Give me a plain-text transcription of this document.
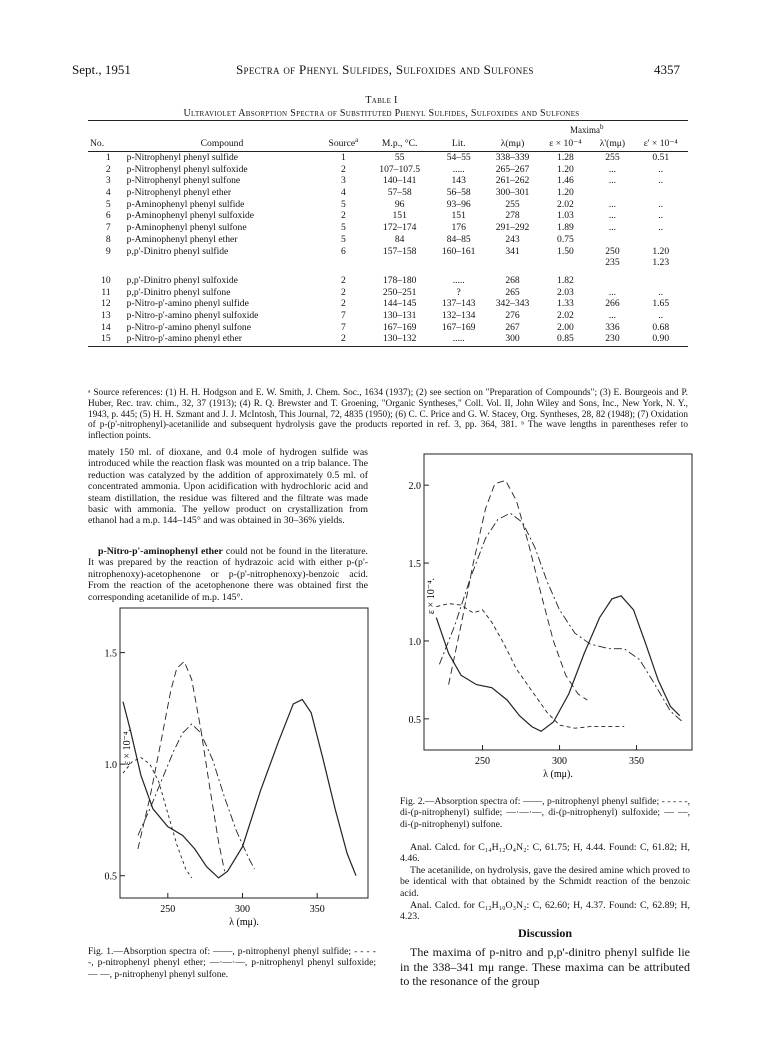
Sept., 1951	Spectra of Phenyl Sulfides, Sulfoxides and Sulfones	4357
Table I
Ultraviolet Absorption Spectra of Substituted Phenyl Sulfides, Sulfoxides and Sulfones
					Maxima$^b$
No.	Compound	Source$^a$	M.p., °C.	Lit.	λ(mμ)	ε × 10⁻⁴	λ'(mμ)	ε' × 10⁻⁴
1	p-Nitrophenyl phenyl sulfide	1	55	54–55	338–339	1.28	255	0.51
2	p-Nitrophenyl phenyl sulfoxide	2	107–107.5	.....	265–267	1.20	...	..
3	p-Nitrophenyl phenyl sulfone	3	140–141	143	261–262	1.46	...	..
4	p-Nitrophenyl phenyl ether	4	57–58	56–58	300–301	1.20		
5	p-Aminophenyl phenyl sulfide	5	96	93–96	255	2.02	...	..
6	p-Aminophenyl phenyl sulfoxide	2	151	151	278	1.03	...	..
7	p-Aminophenyl phenyl sulfone	5	172–174	176	291–292	1.89	...	..
8	p-Aminophenyl phenyl ether	5	84	84–85	243	0.75		
9	p,p'-Dinitro phenyl sulfide	6	157–158	160–161	341	1.50	250	1.20
							235	1.23
10	p,p'-Dinitro phenyl sulfoxide	2	178–180	.....	268	1.82		
11	p,p'-Dinitro phenyl sulfone	2	250–251	?	265	2.03	...	..
12	p-Nitro-p'-amino phenyl sulfide	2	144–145	137–143	342–343	1.33	266	1.65
13	p-Nitro-p'-amino phenyl sulfoxide	7	130–131	132–134	276	2.02	...	..
14	p-Nitro-p'-amino phenyl sulfone	7	167–169	167–169	267	2.00	336	0.68
15	p-Nitro-p'-amino phenyl ether	2	130–132	.....	300	0.85	230	0.90
ᵃ Source references: (1) H. H. Hodgson and E. W. Smith, J. Chem. Soc., 1634 (1937); (2) see section on "Preparation of Compounds"; (3) E. Bourgeois and P. Huber, Rec. trav. chim., 32, 37 (1913); (4) R. Q. Brewster and T. Groening, "Organic Syntheses," Coll. Vol. II, John Wiley and Sons, Inc., New York, N. Y., 1943, p. 445; (5) H. H. Szmant and J. J. McIntosh, This Journal, 72, 4835 (1950); (6) C. C. Price and G. W. Stacey, Org. Syntheses, 28, 82 (1948); (7) Oxidation of p-(p'-nitrophenyl)-acetanilide and subsequent hydrolysis gave the products reported in ref. 3, pp. 364, 381. ᵇ The wave lengths in parentheses refer to inflection points.
mately 150 ml. of dioxane, and 0.4 mole of hydrogen sulfide was introduced while the reaction flask was mounted on a trip balance. The reduction was catalyzed by the addition of approximately 0.5 ml. of concentrated ammonia. Upon acidification with hydrochloric acid and steam distillation, the residue was filtered and the filtrate was made basic with ammonia. The yellow product on crystallization from ethanol had a m.p. 144–145° and was obtained in 30–36% yields.
p-Nitro-p'-aminophenyl ether could not be found in the literature. It was prepared by the reaction of hydrazoic acid with either p-(p'-nitrophenoxy)-acetophenone or p-(p'-nitrophenoxy)-benzoic acid. From the reaction of the acetophenone there was obtained first the corresponding acetanilide of m.p. 145°.
250	300	350
0.5
1.0
1.5
λ (mμ).
ε × 10⁻⁴.
Fig. 1.—Absorption spectra of: ——, p-nitrophenyl phenyl sulfide; - - - - -, p-nitrophenyl phenyl ether; —·—·—, p-nitrophenyl phenyl sulfoxide; — —, p-nitrophenyl phenyl sulfone.
250	300	350
0.5
1.0
1.5
2.0
λ (mμ).
ε × 10⁻⁴.
Fig. 2.—Absorption spectra of: ——, p-nitrophenyl phenyl sulfide; - - - - -, di-(p-nitrophenyl) sulfide; —·—·—, di-(p-nitrophenyl) sulfoxide; — —, di-(p-nitrophenyl) sulfone.
Anal. Calcd. for C₁₄H₁₂O₄N₂: C, 61.75; H, 4.44. Found: C, 61.82; H, 4.46.
The acetanilide, on hydrolysis, gave the desired amine which proved to be identical with that obtained by the Schmidt reaction of the benzoic acid.
Anal. Calcd. for C₁₂H₁₀O₃N₂: C, 62.60; H, 4.37. Found: C, 62.89; H, 4.23.
Discussion
The maxima of p-nitro and p,p'-dinitro phenyl sulfide lie in the 338–341 mμ range. These maxima can be attributed to the resonance of the group
